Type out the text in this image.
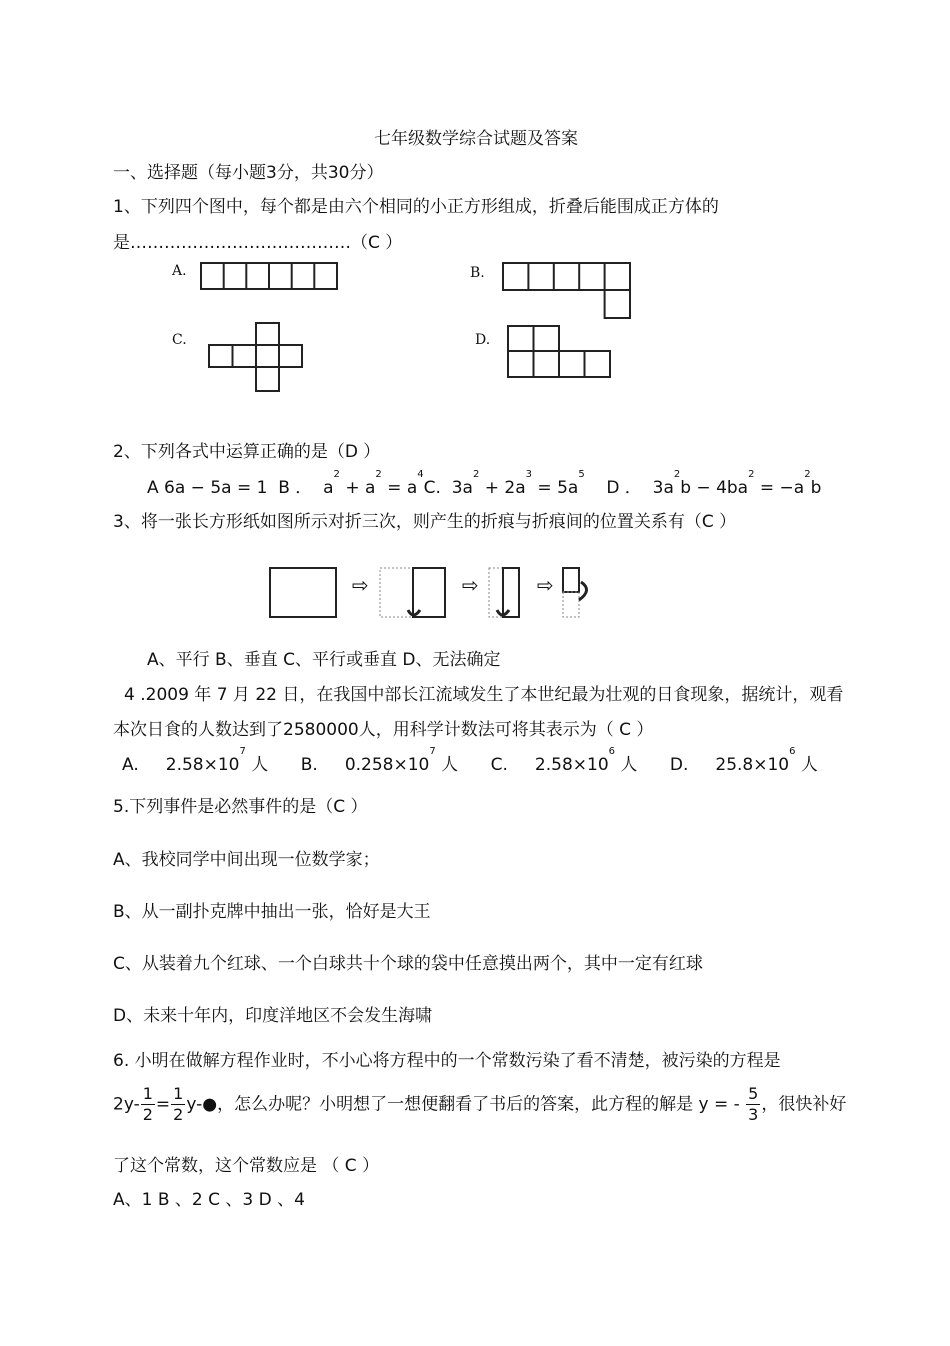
七年级数学综合试题及答案
一、选择题（每小题3分，共30分）
1、下列四个图中，每个都是由六个相同的小正方形组成，折叠后能围成正方体的
是…………………………………（C ）
A.	B.
C.	D.
2、下列各式中运算正确的是（D ）
A 6a − 5a = 1 B ．  $a^2 + a^2 = a^4C$.  $3a^2 + 2a^3 = 5a^5$    D ．  $3a^2b - 4ba^2 = -a^2b$
3、将一张长方形纸如图所示对折三次，则产生的折痕与折痕间的位置关系有（C ）
⇨	⇨	⇨
A、平行 B、垂直 C、平行或垂直 D、无法确定
4 .2009 年 7 月 22 日，在我国中部长江流域发生了本世纪最为壮观的日食现象，据统计，观看
本次日食的人数达到了2580000人，用科学计数法可将其表示为（ C ）
A. $2.58\times 10^7$ 人 B. $0.258\times 10^7$ 人 C. $2.58\times 10^6$ 人 D. $25.8\times 10^6$ 人
5.下列事件是必然事件的是（C ）
A、我校同学中间出现一位数学家；
B、从一副扑克牌中抽出一张，恰好是大王
C、从装着九个红球、一个白球共十个球的袋中任意摸出两个，其中一定有红球
D、未来十年内，印度洋地区不会发生海啸
6. 小明在做解方程作业时，不小心将方程中的一个常数污染了看不清楚，被污染的方程是
$2y- \frac{1}{2} = \frac{1}{2}$ y-●，怎么办呢？小明想了一想便翻看了书后的答案，此方程的解是 y = - $\frac{5}{3}$ ，很快补好
了这个常数，这个常数应是 （ C ）
A、1 B 、2 C 、3 D 、4
